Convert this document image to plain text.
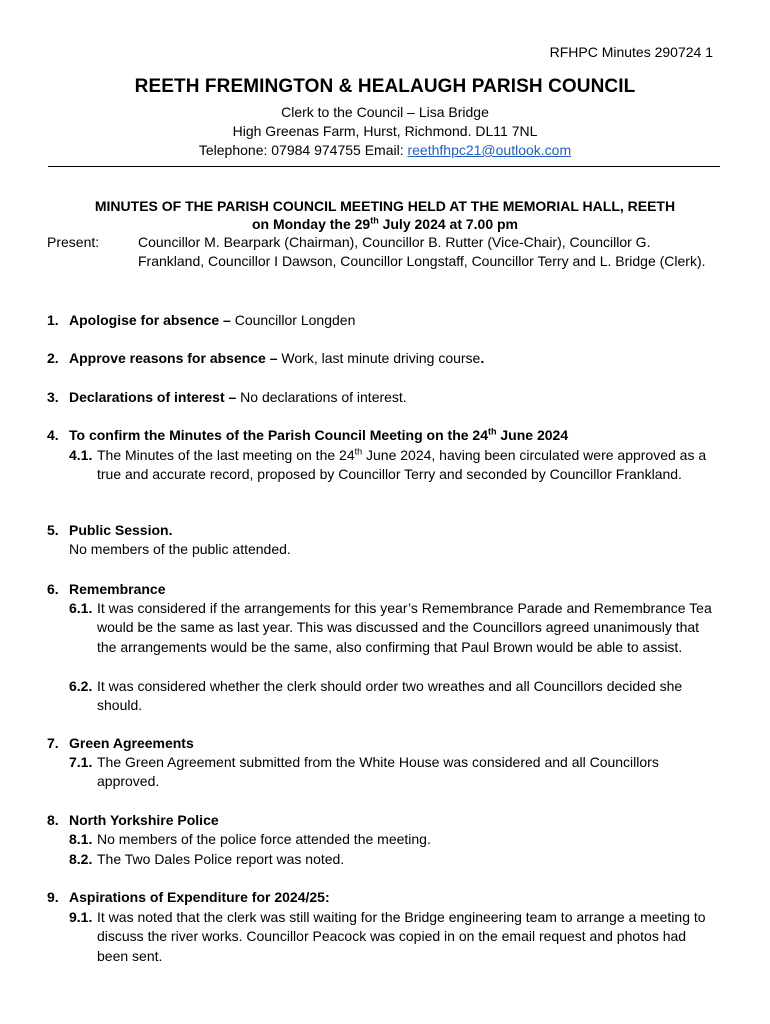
RFHPC Minutes 290724 1
REETH FREMINGTON & HEALAUGH PARISH COUNCIL
Clerk to the Council – Lisa Bridge
High Greenas Farm, Hurst, Richmond. DL11 7NL
Telephone: 07984 974755 Email: reethfhpc21@outlook.com
MINUTES OF THE PARISH COUNCIL MEETING HELD AT THE MEMORIAL HALL, REETH
on Monday the 29th July 2024 at 7.00 pm
Present:	Councillor M. Bearpark (Chairman), Councillor B. Rutter (Vice-Chair), Councillor G. Frankland, Councillor I Dawson, Councillor Longstaff, Councillor Terry and L. Bridge (Clerk).
1. Apologise for absence – Councillor Longden
2. Approve reasons for absence – Work, last minute driving course.
3. Declarations of interest – No declarations of interest.
4. To confirm the Minutes of the Parish Council Meeting on the 24th June 2024
4.1. The Minutes of the last meeting on the 24th June 2024, having been circulated were approved as a true and accurate record, proposed by Councillor Terry and seconded by Councillor Frankland.
5. Public Session.
No members of the public attended.
6. Remembrance
6.1. It was considered if the arrangements for this year’s Remembrance Parade and Remembrance Tea would be the same as last year. This was discussed and the Councillors agreed unanimously that the arrangements would be the same, also confirming that Paul Brown would be able to assist.
6.2. It was considered whether the clerk should order two wreathes and all Councillors decided she should.
7. Green Agreements
7.1. The Green Agreement submitted from the White House was considered and all Councillors approved.
8. North Yorkshire Police
8.1. No members of the police force attended the meeting.
8.2. The Two Dales Police report was noted.
9. Aspirations of Expenditure for 2024/25:
9.1. It was noted that the clerk was still waiting for the Bridge engineering team to arrange a meeting to discuss the river works. Councillor Peacock was copied in on the email request and photos had been sent.
